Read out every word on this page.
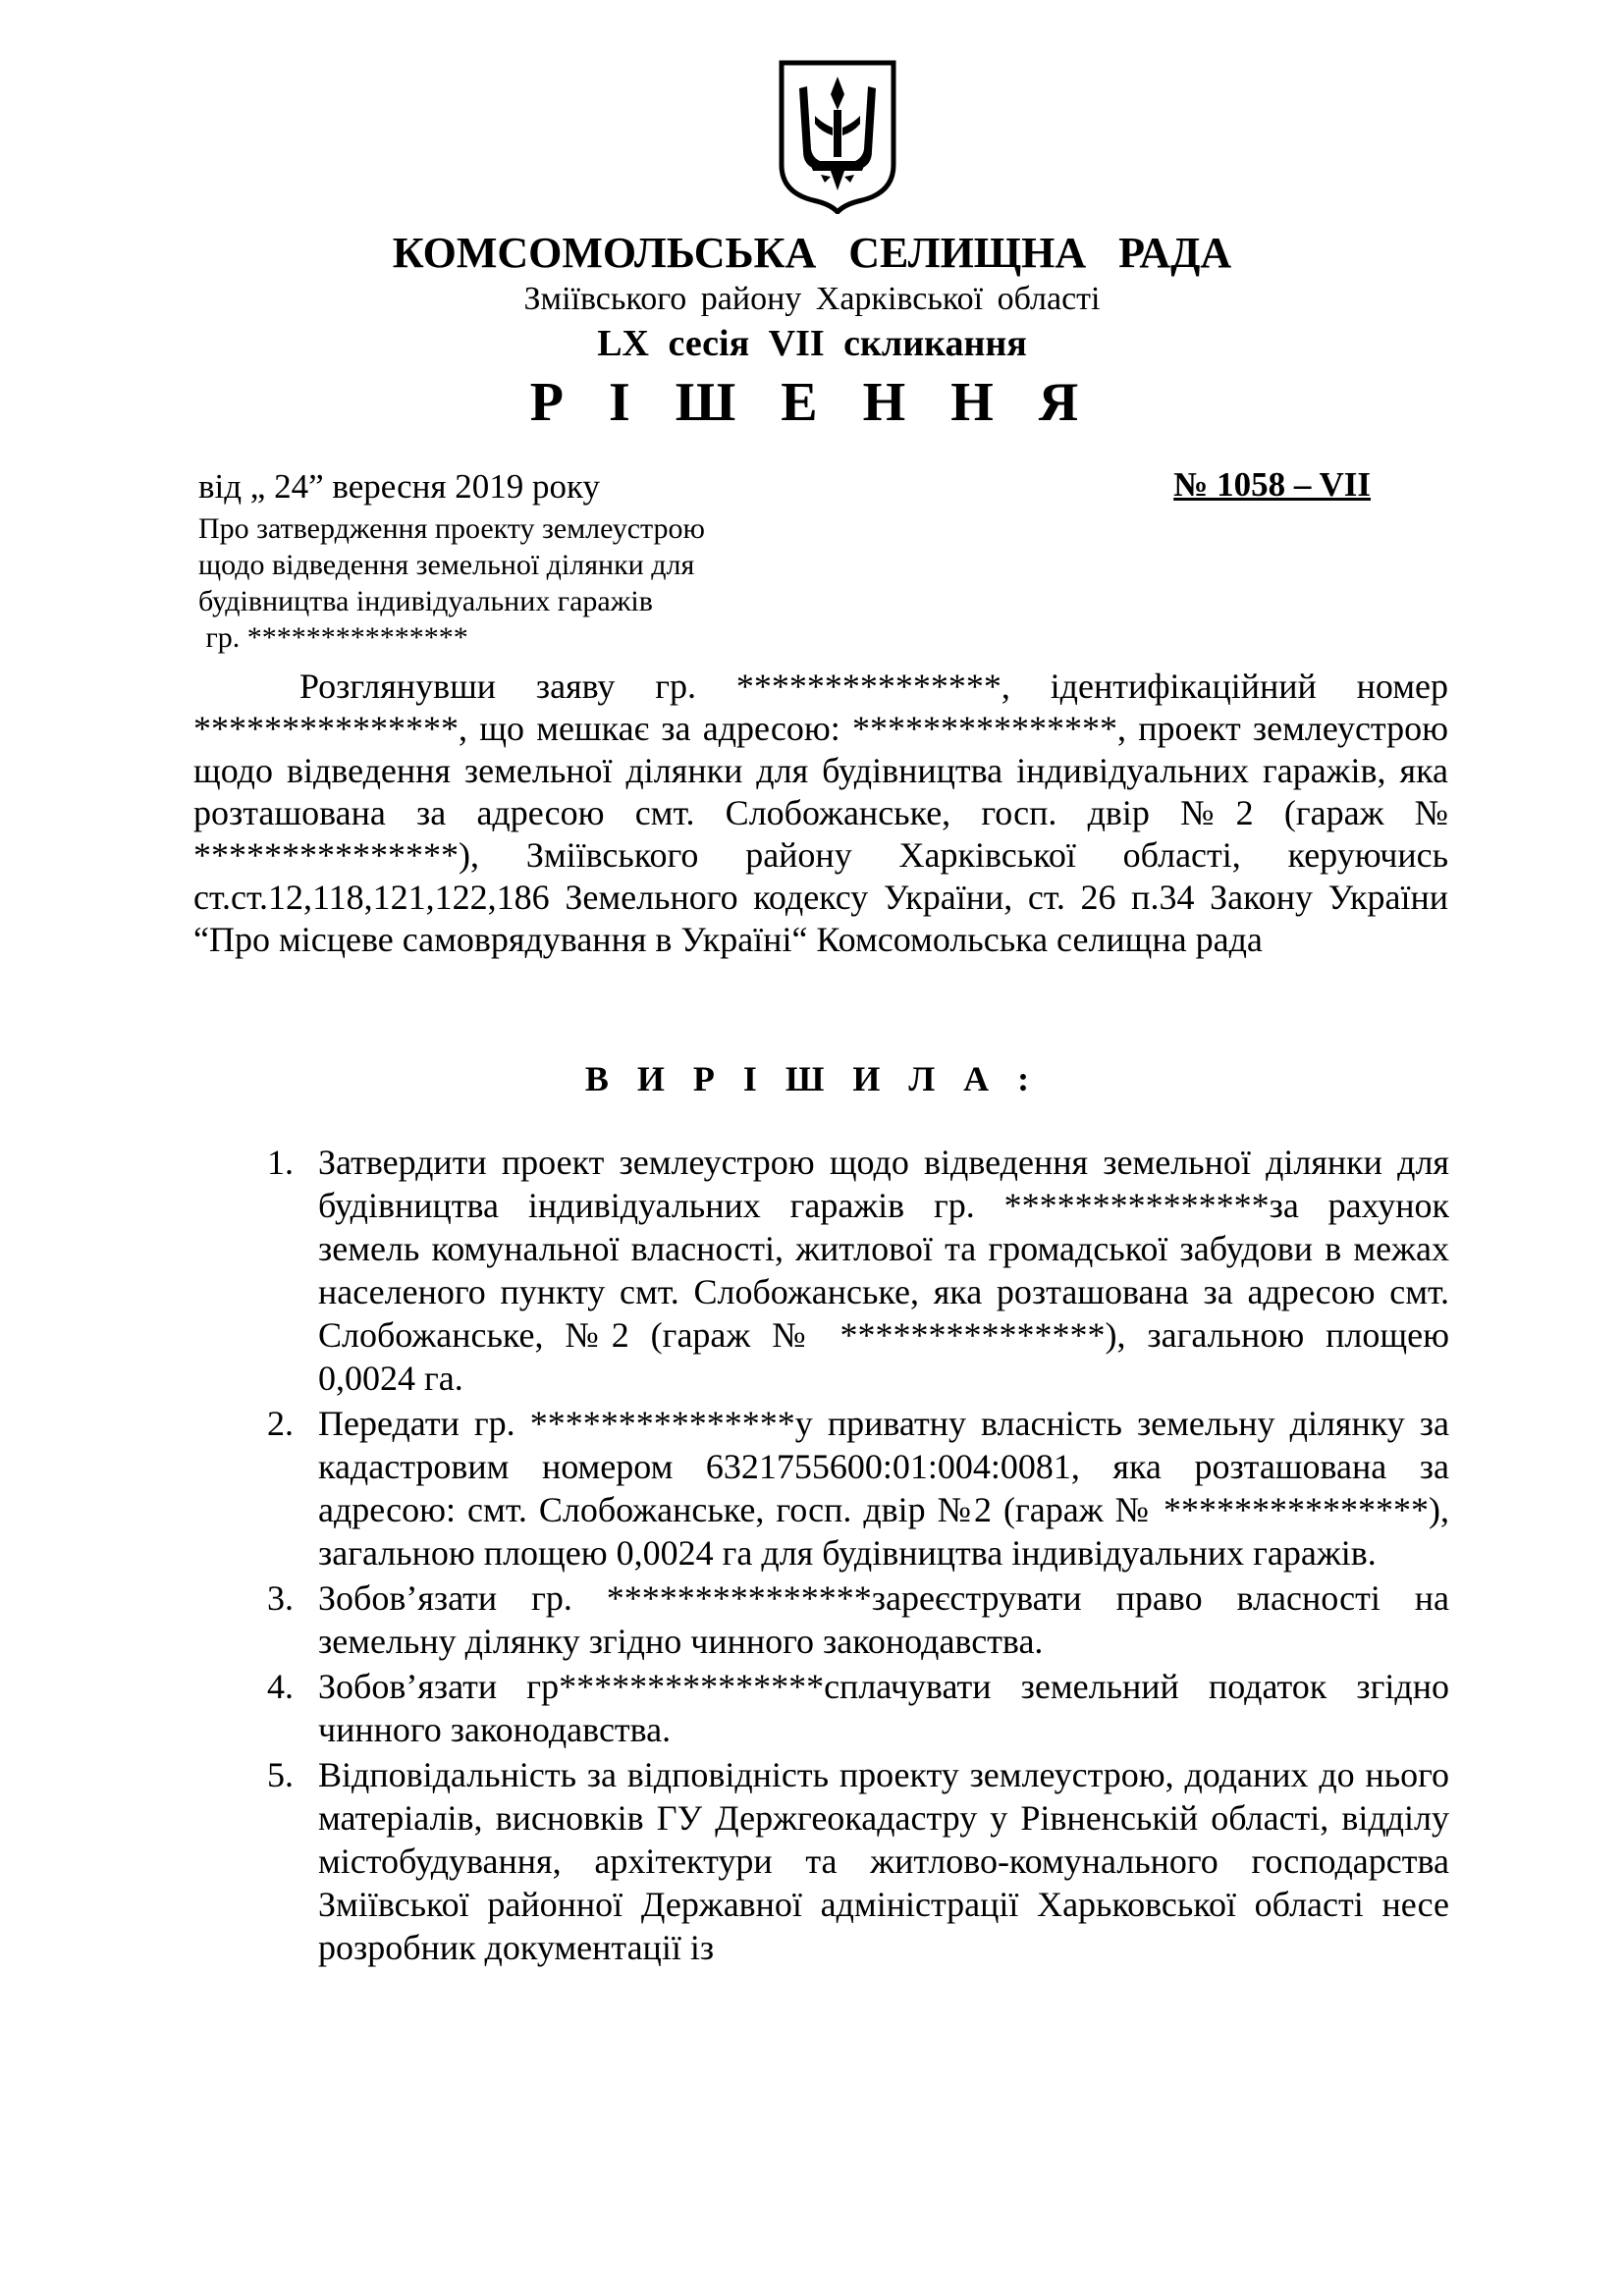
КОМСОМОЛЬСЬКА СЕЛИЩНА РАДА
Зміївського району Харківської області
LX сесія VII скликання
Р І Ш Е Н Н Я
від „ 24” вересня 2019 року	№ 1058 – VII
Про затвердження проекту землеустрою
щодо відведення земельної ділянки для
будівництва індивідуальних гаражів
гр. ***************

Розглянувши заяву гр. ***************, ідентифікаційний номер ***************, що мешкає за адресою: ***************, проект землеустрою щодо відведення земельної ділянки для будівництва індивідуальних гаражів, яка розташована за адресою смт. Слобожанське, госп. двір №2 (гараж № ***************), Зміївського району Харківської області, керуючись ст.ст.12,118,121,122,186 Земельного кодексу України, ст. 26 п.34 Закону України “Про місцеве самоврядування в Україні“ Комсомольська селищна рада

В И Р І Ш И Л А :
1. Затвердити проект землеустрою щодо відведення земельної ділянки для будівництва індивідуальних гаражів гр. ***************за рахунок земель комунальної власності, житлової та громадської забудови в межах населеного пункту смт. Слобожанське, яка розташована за адресою смт. Слобожанське, №2 (гараж № ***************), загальною площею 0,0024 га.
2. Передати гр. ***************у приватну власність земельну ділянку за кадастровим номером 6321755600:01:004:0081, яка розташована за адресою: смт. Слобожанське, госп. двір №2 (гараж № ***************), загальною площею 0,0024 га для будівництва індивідуальних гаражів.
3. Зобов’язати гр. ***************зареєструвати право власності на земельну ділянку згідно чинного законодавства.
4. Зобов’язати гр***************сплачувати земельний податок згідно чинного законодавства.
5. Відповідальність за відповідність проекту землеустрою, доданих до нього матеріалів, висновків ГУ Держгеокадастру у Рівненській області, відділу містобудування, архітектури та житлово-комунального господарства Зміївської районної Державної адміністрації Харьковської області несе розробник документації із
